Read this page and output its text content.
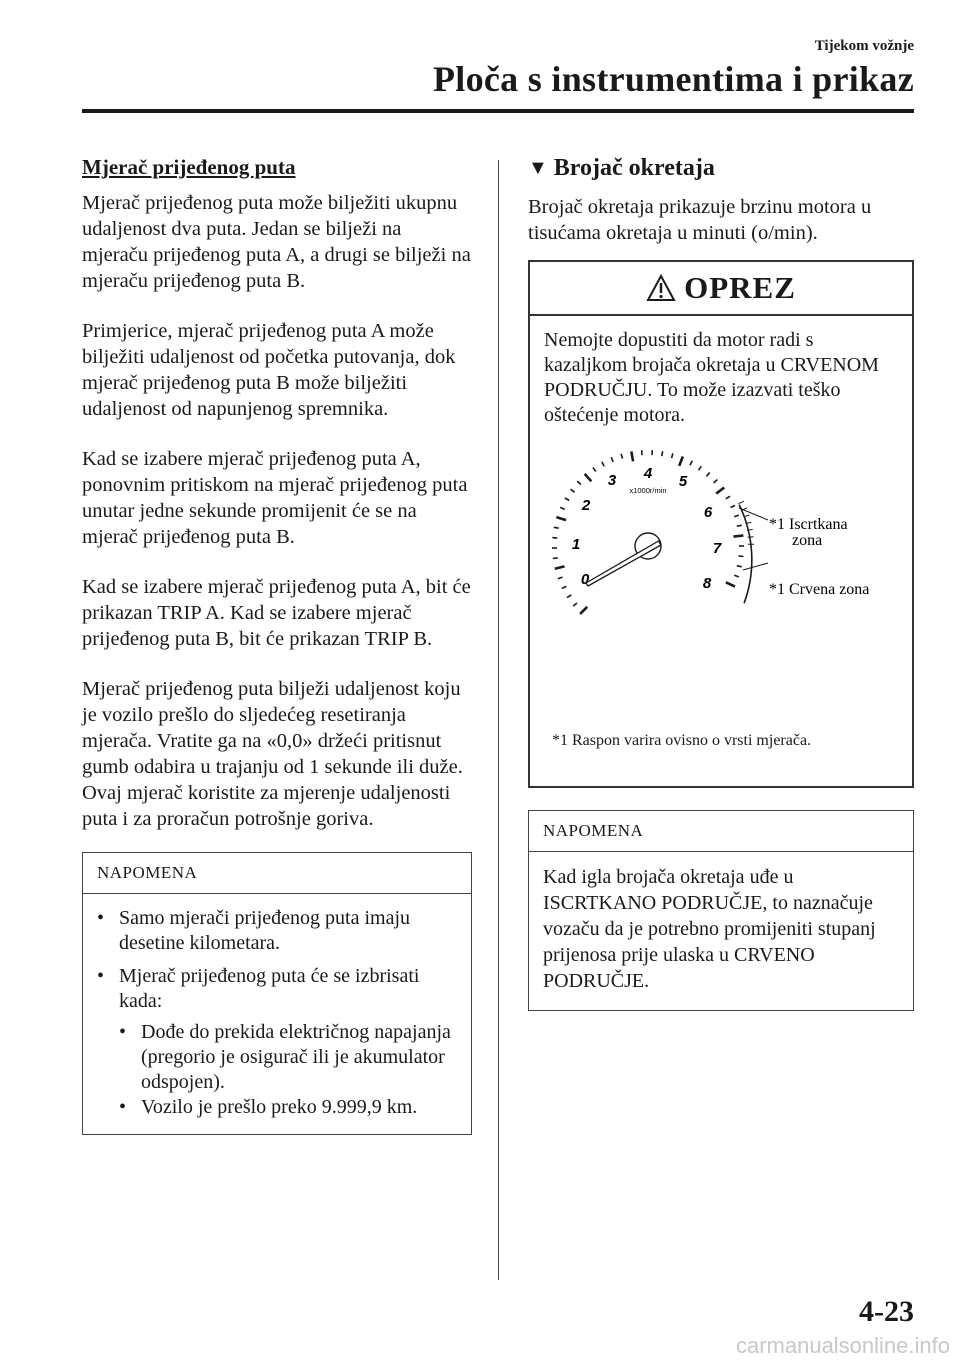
Tijekom vožnje
Ploča s instrumentima i prikaz
Mjerač prijeđenog puta

Mjerač prijeđenog puta može bilježiti ukupnu udaljenost dva puta. Jedan se bilježi na mjeraču prijeđenog puta A, a drugi se bilježi na mjeraču prijeđenog puta B.

Primjerice, mjerač prijeđenog puta A može bilježiti udaljenost od početka putovanja, dok mjerač prijeđenog puta B može bilježiti udaljenost od napunjenog spremnika.

Kad se izabere mjerač prijeđenog puta A, ponovnim pritiskom na mjerač prijeđenog puta unutar jedne sekunde promijenit će se na mjerač prijeđenog puta B.

Kad se izabere mjerač prijeđenog puta A, bit će prikazan TRIP A. Kad se izabere mjerač prijeđenog puta B, bit će prikazan TRIP B.

Mjerač prijeđenog puta bilježi udaljenost koju je vozilo prešlo do sljedećeg resetiranja mjerača. Vratite ga na «0,0» držeći pritisnut gumb odabira u trajanju od 1 sekunde ili duže. Ovaj mjerač koristite za mjerenje udaljenosti puta i za proračun potrošnje goriva.

NAPOMENA
• Samo mjerači prijeđenog puta imaju desetine kilometara.
• Mjerač prijeđenog puta će se izbrisati kada:
• Dođe do prekida električnog napajanja (pregorio je osigurač ili je akumulator odspojen).
• Vozilo je prešlo preko 9.999,9 km.
▼ Brojač okretaja

Brojač okretaja prikazuje brzinu motora u tisućama okretaja u minuti (o/min).

OPREZ
Nemojte dopustiti da motor radi s kazaljkom brojača okretaja u CRVENOM PODRUČJU. To može izazvati teško oštećenje motora.
0
1
2
3 4 5
6
7
8
x1000r/min
*1 Iscrtkana
zona
*1 Crvena zona
*1 Raspon varira ovisno o vrsti mjerača.
NAPOMENA
Kad igla brojača okretaja uđe u ISCRTKANO PODRUČJE, to naznačuje vozaču da je potrebno promijeniti stupanj prijenosa prije ulaska u CRVENO PODRUČJE.
4-23
carmanualsonline.info
